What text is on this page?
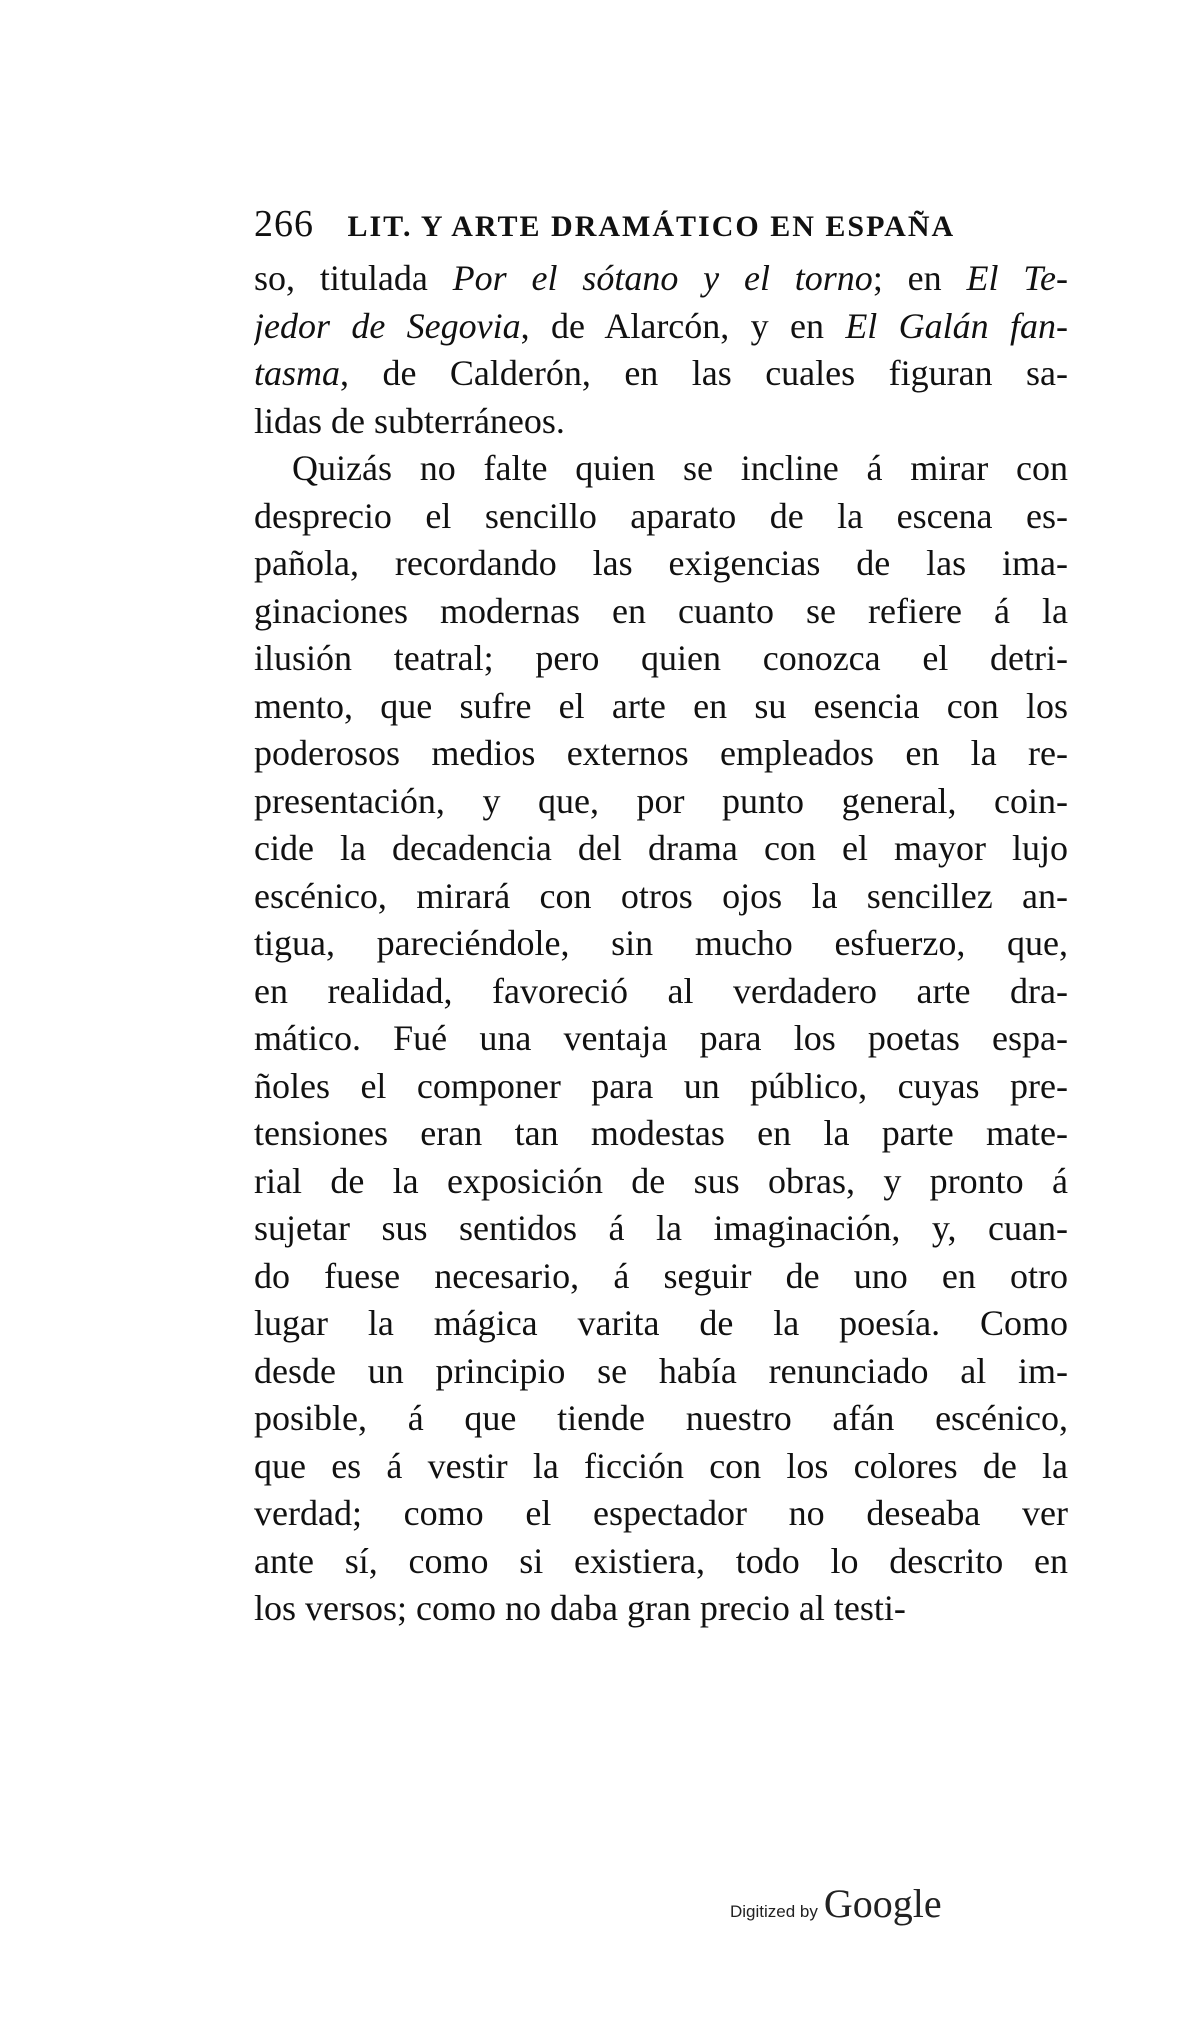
266 LIT. Y ARTE DRAMÁTICO EN ESPAÑA
so, titulada Por el sótano y el torno; en El Te-
jedor de Segovia, de Alarcón, y en El Galán fan-
tasma, de Calderón, en las cuales figuran sa-
lidas de subterráneos.
Quizás no falte quien se incline á mirar con
desprecio el sencillo aparato de la escena es-
pañola, recordando las exigencias de las ima-
ginaciones modernas en cuanto se refiere á la
ilusión teatral; pero quien conozca el detri-
mento, que sufre el arte en su esencia con los
poderosos medios externos empleados en la re-
presentación, y que, por punto general, coin-
cide la decadencia del drama con el mayor lujo
escénico, mirará con otros ojos la sencillez an-
tigua, pareciéndole, sin mucho esfuerzo, que,
en realidad, favoreció al verdadero arte dra-
mático. Fué una ventaja para los poetas espa-
ñoles el componer para un público, cuyas pre-
tensiones eran tan modestas en la parte mate-
rial de la exposición de sus obras, y pronto á
sujetar sus sentidos á la imaginación, y, cuan-
do fuese necesario, á seguir de uno en otro
lugar la mágica varita de la poesía. Como
desde un principio se había renunciado al im-
posible, á que tiende nuestro afán escénico,
que es á vestir la ficción con los colores de la
verdad; como el espectador no deseaba ver
ante sí, como si existiera, todo lo descrito en
los versos; como no daba gran precio al testi-
Digitized by Google
